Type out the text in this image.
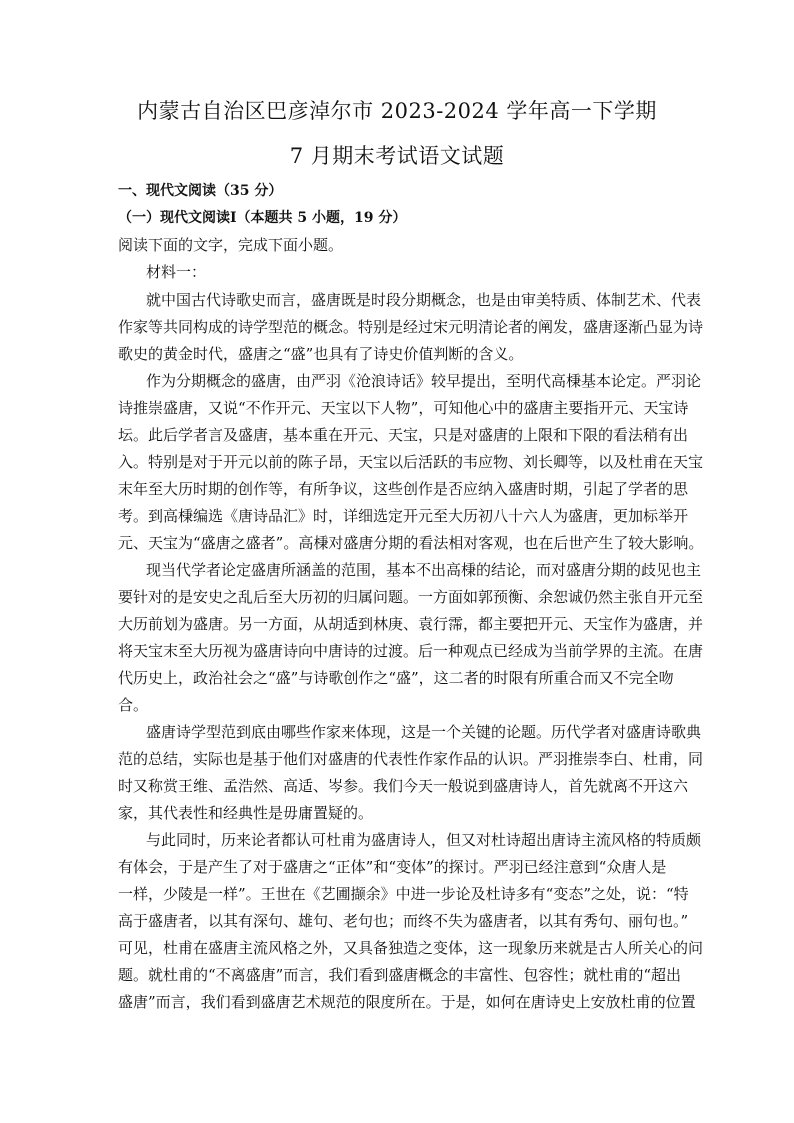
内蒙古自治区巴彦淖尔市 2023-2024 学年高一下学期
7 月期末考试语文试题
一、现代文阅读（35 分）
（一）现代文阅读Ⅰ（本题共 5 小题，19 分）
阅读下面的文字，完成下面小题。
材料一：
就中国古代诗歌史而言，盛唐既是时段分期概念，也是由审美特质、体制艺术、代表
作家等共同构成的诗学型范的概念。特别是经过宋元明清论者的阐发，盛唐逐渐凸显为诗
歌史的黄金时代，盛唐之“盛”也具有了诗史价值判断的含义。
作为分期概念的盛唐，由严羽《沧浪诗话》较早提出，至明代高棅基本论定。严羽论
诗推崇盛唐，又说“不作开元、天宝以下人物”，可知他心中的盛唐主要指开元、天宝诗
坛。此后学者言及盛唐，基本重在开元、天宝，只是对盛唐的上限和下限的看法稍有出
入。特别是对于开元以前的陈子昂，天宝以后活跃的韦应物、刘长卿等，以及杜甫在天宝
末年至大历时期的创作等，有所争议，这些创作是否应纳入盛唐时期，引起了学者的思
考。到高棅编选《唐诗品汇》时，详细选定开元至大历初八十六人为盛唐，更加标举开
元、天宝为“盛唐之盛者”。高棅对盛唐分期的看法相对客观，也在后世产生了较大影响。
现当代学者论定盛唐所涵盖的范围，基本不出高棅的结论，而对盛唐分期的歧见也主
要针对的是安史之乱后至大历初的归属问题。一方面如郭预衡、余恕诚仍然主张自开元至
大历前划为盛唐。另一方面，从胡适到林庚、袁行霈，都主要把开元、天宝作为盛唐，并
将天宝末至大历视为盛唐诗向中唐诗的过渡。后一种观点已经成为当前学界的主流。在唐
代历史上，政治社会之“盛”与诗歌创作之“盛”，这二者的时限有所重合而又不完全吻
合。
盛唐诗学型范到底由哪些作家来体现，这是一个关键的论题。历代学者对盛唐诗歌典
范的总结，实际也是基于他们对盛唐的代表性作家作品的认识。严羽推崇李白、杜甫，同
时又称赏王维、孟浩然、高适、岑参。我们今天一般说到盛唐诗人，首先就离不开这六
家，其代表性和经典性是毋庸置疑的。
与此同时，历来论者都认可杜甫为盛唐诗人，但又对杜诗超出唐诗主流风格的特质颇
有体会，于是产生了对于盛唐之“正体”和“变体”的探讨。严羽已经注意到“众唐人是
一样，少陵是一样”。王世在《艺圃撷余》中进一步论及杜诗多有“变态”之处，说：“特
高于盛唐者，以其有深句、雄句、老句也；而终不失为盛唐者，以其有秀句、丽句也。”
可见，杜甫在盛唐主流风格之外，又具备独造之变体，这一现象历来就是古人所关心的问
题。就杜甫的“不离盛唐”而言，我们看到盛唐概念的丰富性、包容性；就杜甫的“超出
盛唐”而言，我们看到盛唐艺术规范的限度所在。于是，如何在唐诗史上安放杜甫的位置
